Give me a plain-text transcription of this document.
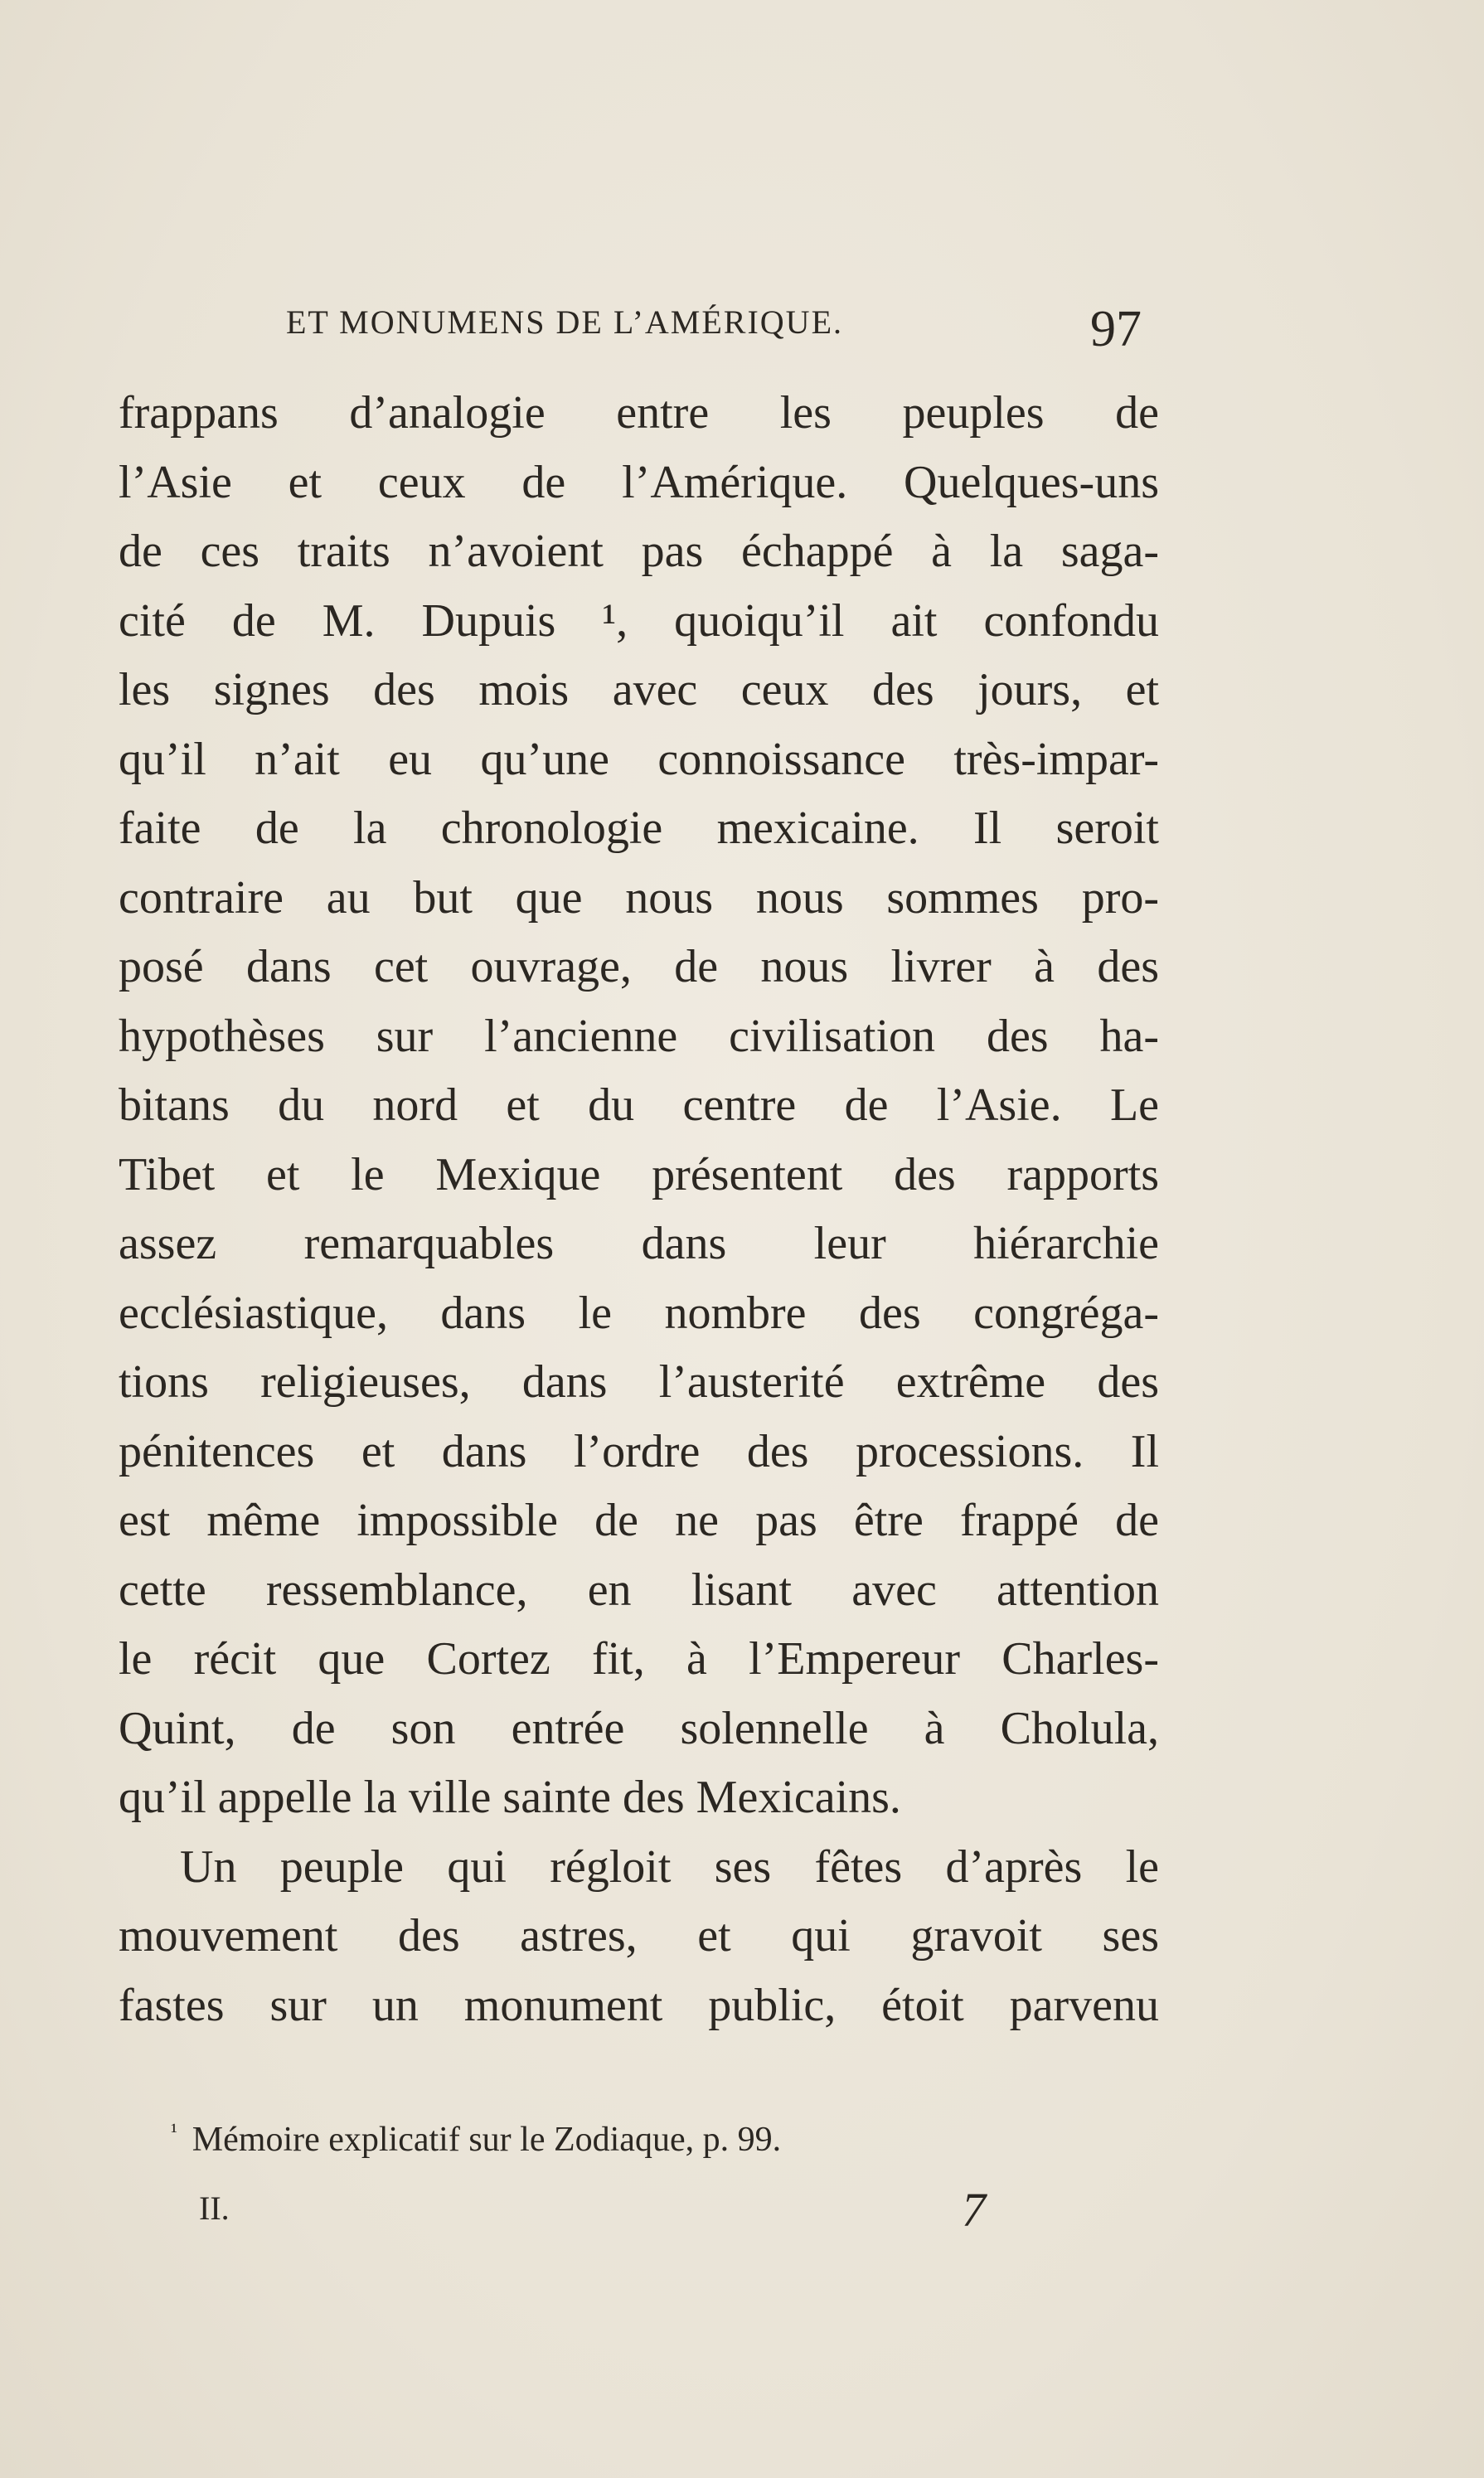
ET MONUMENS DE L’AMÉRIQUE.	97
frappans d’analogie entre les peuples de
l’Asie et ceux de l’Amérique. Quelques-uns
de ces traits n’avoient pas échappé à la saga-
cité de M. Dupuis ¹, quoiqu’il ait confondu
les signes des mois avec ceux des jours, et
qu’il n’ait eu qu’une connoissance très-impar-
faite de la chronologie mexicaine. Il seroit
contraire au but que nous nous sommes pro-
posé dans cet ouvrage, de nous livrer à des
hypothèses sur l’ancienne civilisation des ha-
bitans du nord et du centre de l’Asie. Le
Tibet et le Mexique présentent des rapports
assez remarquables dans leur hiérarchie
ecclésiastique, dans le nombre des congréga-
tions religieuses, dans l’austerité extrême des
pénitences et dans l’ordre des processions. Il
est même impossible de ne pas être frappé de
cette ressemblance, en lisant avec attention
le récit que Cortez fit, à l’Empereur Charles-
Quint, de son entrée solennelle à Cholula,
qu’il appelle la ville sainte des Mexicains.
Un peuple qui régloit ses fêtes d’après le
mouvement des astres, et qui gravoit ses
fastes sur un monument public, étoit parvenu
$^{^1}$ Mémoire explicatif sur le Zodiaque, p. 99.
II.	7
